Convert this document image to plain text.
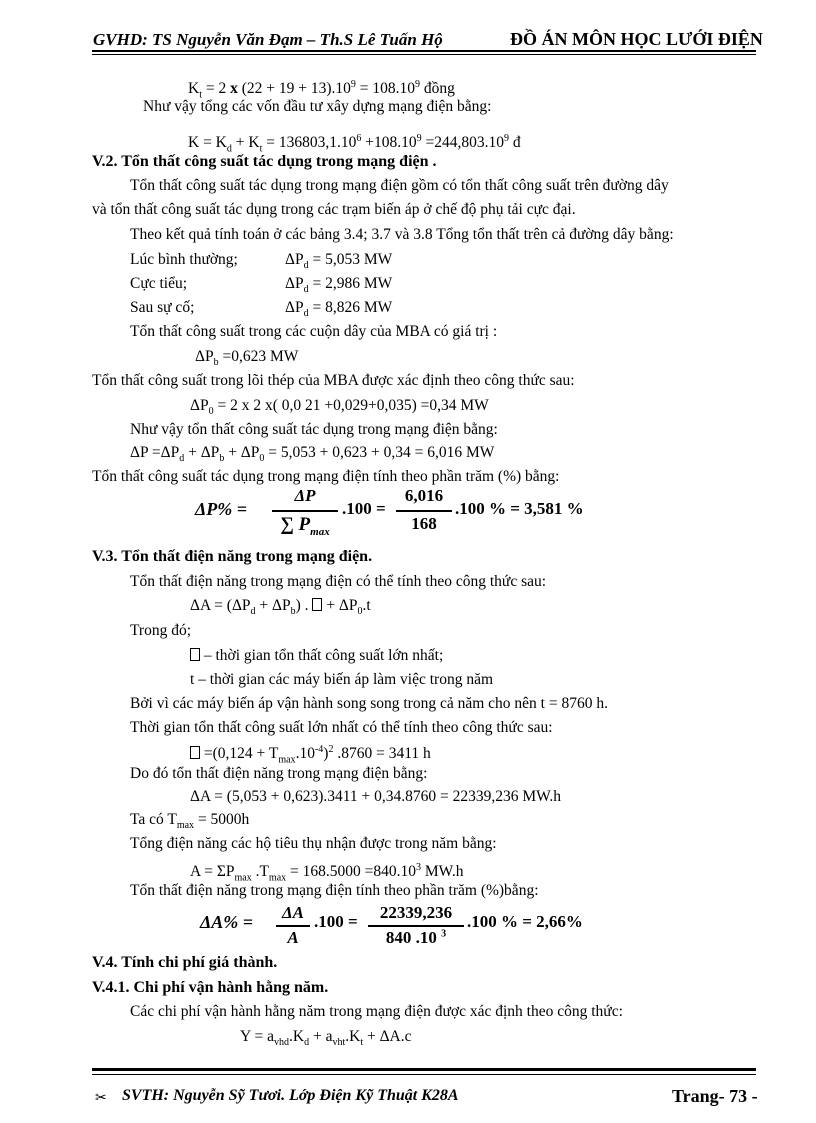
GVHD: TS Nguyễn Văn Đạm – Th.S Lê Tuấn Hộ	ĐỒ ÁN MÔN HỌC LƯỚI ĐIỆN
$K_t = 2$ x $(22 + 19 + 13).10^9 = 108.10^9$ đồng
Như vậy tổng các vốn đầu tư xây dựng mạng điện bằng:
$K = K_d + K_t = 136803,1.10^6 +108.10^9 =244,803.10^9$ đ
V.2. Tổn thất công suất tác dụng trong mạng điện .
Tổn thất công suất tác dụng trong mạng điện gồm có tổn thất công suất trên đường dây
và tổn thất công suất tác dụng trong các trạm biến áp ở chế độ phụ tải cực đại.
Theo kết quả tính toán ở các bảng 3.4; 3.7 và 3.8 Tổng tổn thất trên cả đường dây bằng:
Lúc bình thường;	$\Delta P_d = 5,053$ MW
Cực tiểu;	$\Delta P_d = 2,986$ MW
Sau sự cố;	$\Delta P_d = 8,826$ MW
Tổn thất công suất trong các cuộn dây của MBA có giá trị :
$\Delta P_b =0,623$ MW
Tổn thất công suất trong lõi thép của MBA được xác định theo công thức sau:
$\Delta P_0 = 2$ x 2 x( 0,0 21 +0,029+0,035) =0,34 MW
Như vậy tổn thất công suất tác dụng trong mạng điện bằng:
$\Delta P =\Delta P_d + \Delta P_b + \Delta P_0 = 5,053 + 0,623 + 0,34 = 6,016$ MW
Tổn thất công suất tác dụng trong mạng điện tính theo phần trăm (%) bằng:
ΔP% =
ΔP
∑ $P_{max}$
.100 =
6,016
168
.100 % = 3,581 %
V.3. Tổn thất điện năng trong mạng điện.
Tổn thất điện năng trong mạng điện có thể tính theo công thức sau:
$\Delta A = (\Delta P_d + \Delta P_b)$ .  + $\Delta P_0.t$
Trong đó;
– thời gian tổn thất công suất lớn nhất;
t – thời gian các máy biến áp làm việc trong năm
Bởi vì các máy biến áp vận hành song song trong cả năm cho nên t = 8760 h.
Thời gian tổn thất công suất lớn nhất có thể tính theo công thức sau:
$=(0,124 + T_{max}.10^{-4})^2$ .8760 = 3411 h
Do đó tổn thất điện năng trong mạng điện bằng:
ΔA = (5,053 + 0,623).3411 + 0,34.8760 = 22339,236 MW.h
Ta có $T_{max} = 5000h$
Tổng điện năng các hộ tiêu thụ nhận được trong năm bằng:
$A = \Sigma P_{max}$ $.T_{max} = 168.5000 =840.10^3$ MW.h
Tổn thất điện năng trong mạng điện tính theo phần trăm (%)bằng:
ΔA% =	ΔA
A
.100 =	22339,236
840 .10 $^3$
.100 % = 2,66%
V.4. Tính chi phí giá thành.
V.4.1. Chi phí vận hành hằng năm.
Các chi phí vận hành hằng năm trong mạng điện được xác định theo công thức:
$Y = a_{vhd}.K_d + a_{vht}.K_t + \Delta A.c$
✂ SVTH: Nguyễn Sỹ Tươi. Lớp Điện Kỹ Thuật K28A	Trang- 73 -
